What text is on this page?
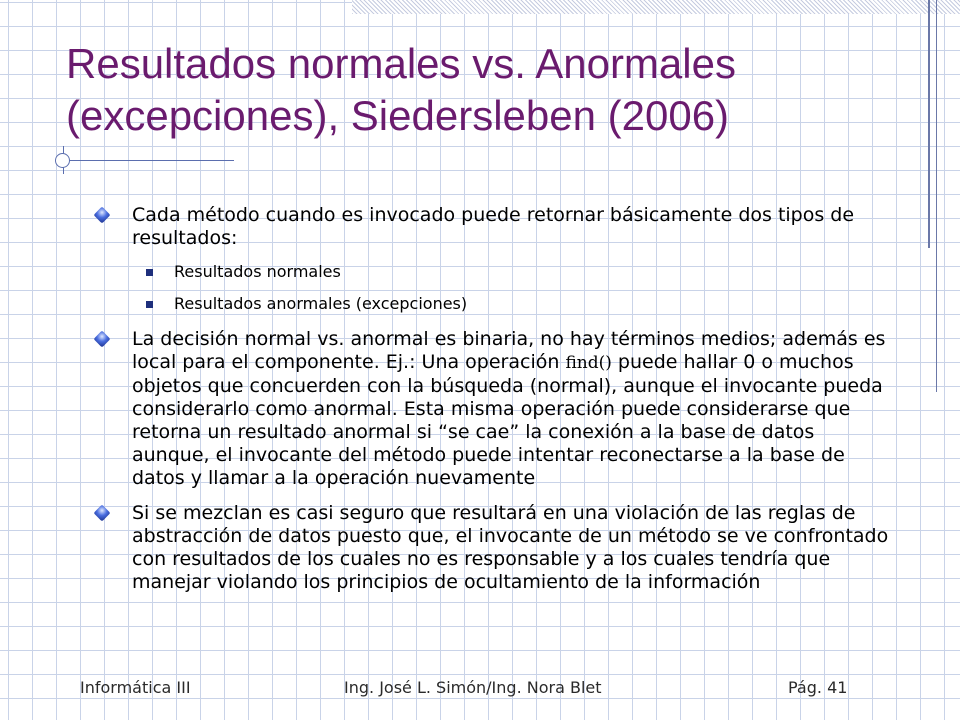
Resultados normales vs. Anormales
(excepciones), Siedersleben (2006)

Cada método cuando es invocado puede retornar básicamente dos tipos de resultados:

Resultados normales

Resultados anormales (excepciones)

La decisión normal vs. anormal es binaria, no hay términos medios; además es local para el componente. Ej.: Una operación find() puede hallar 0 o muchos objetos que concuerden con la búsqueda (normal), aunque el invocante pueda considerarlo como anormal. Esta misma operación puede considerarse que retorna un resultado anormal si “se cae” la conexión a la base de datos aunque, el invocante del método puede intentar reconectarse a la base de datos y llamar a la operación nuevamente

Si se mezclan es casi seguro que resultará en una violación de las reglas de abstracción de datos puesto que, el invocante de un método se ve confrontado con resultados de los cuales no es responsable y a los cuales tendría que manejar violando los principios de ocultamiento de la información

Informática III	Ing. José L. Simón/Ing. Nora Blet	Pág. 41
